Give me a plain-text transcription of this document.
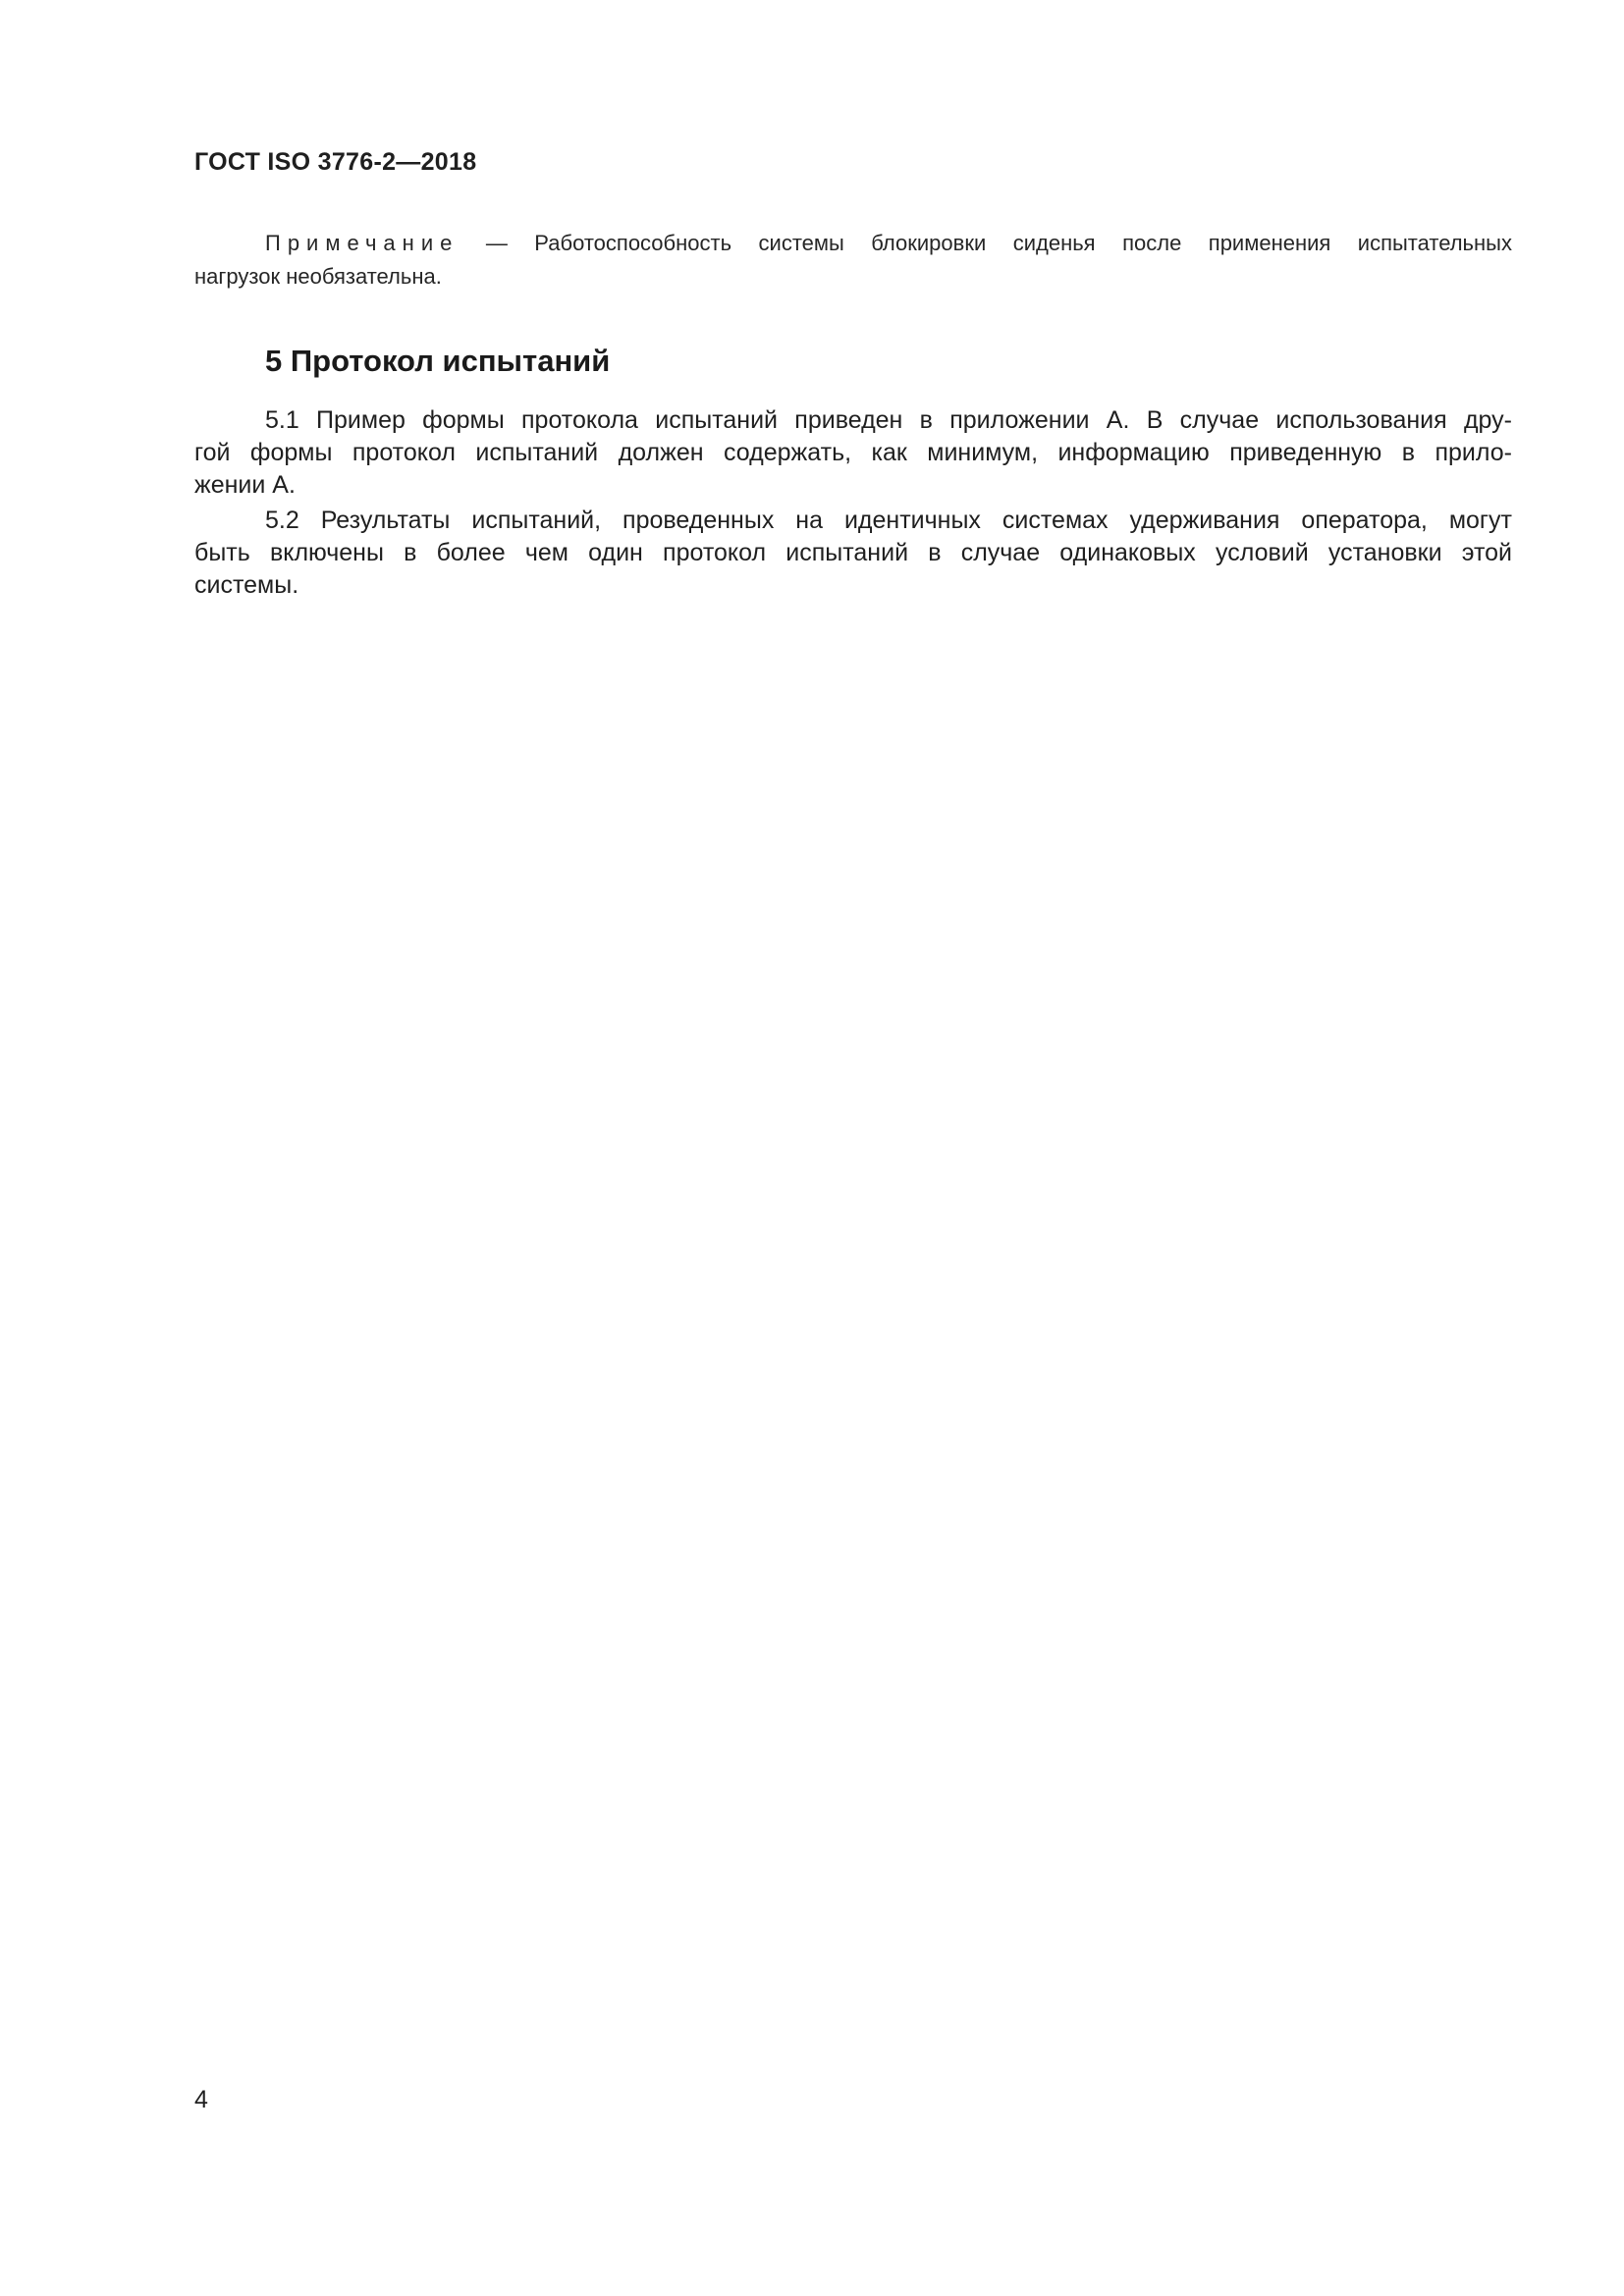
ГОСТ ISO 3776-2—2018
Примечание — Работоспособность системы блокировки сиденья после применения испытательных
нагрузок необязательна.
5 Протокол испытаний
5.1 Пример формы протокола испытаний приведен в приложении А. В случае использования дру-
гой формы протокол испытаний должен содержать, как минимум, информацию приведенную в прило-
жении А.
5.2 Результаты испытаний, проведенных на идентичных системах удерживания оператора, могут
быть включены в более чем один протокол испытаний в случае одинаковых условий установки этой
системы.
4
